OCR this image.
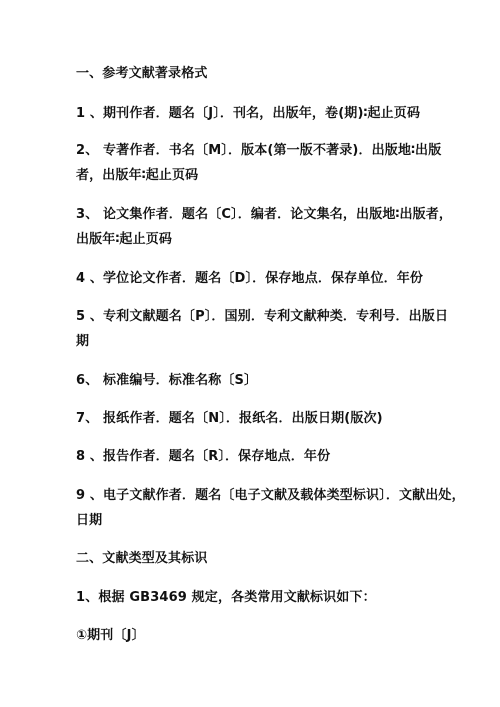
一、参考文献著录格式
1 、期刊作者．题名〔J〕．刊名，出版年，卷(期)∶起止页码
2、 专著作者．书名〔M〕．版本(第一版不著录)．出版地∶出版
者，出版年∶起止页码
3、 论文集作者．题名〔C〕．编者．论文集名，出版地∶出版者，
出版年∶起止页码
4 、学位论文作者．题名〔D〕．保存地点．保存单位．年份
5 、专利文献题名〔P〕．国别．专利文献种类．专利号．出版日
期
6、 标准编号．标准名称〔S〕
7、 报纸作者．题名〔N〕．报纸名．出版日期(版次)
8 、报告作者．题名〔R〕．保存地点．年份
9 、电子文献作者．题名〔电子文献及载体类型标识〕．文献出处，
日期
二、文献类型及其标识
1、根据 GB3469 规定，各类常用文献标识如下：
①期刊〔J〕
